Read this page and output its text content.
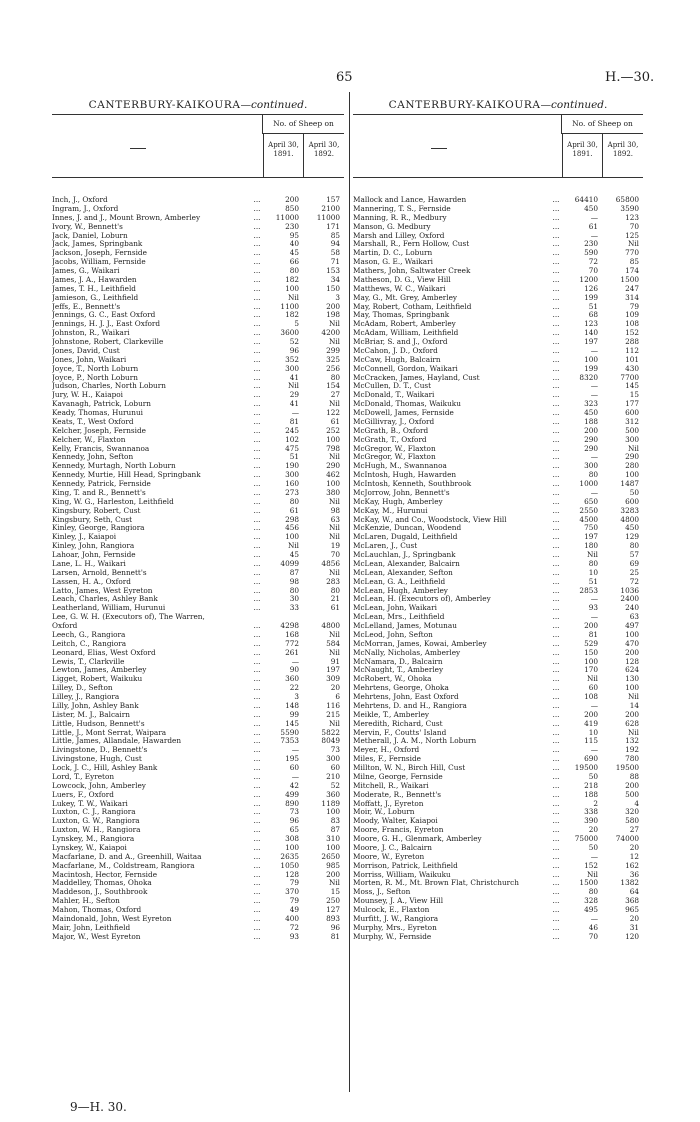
65	H.—30.
CANTERBURY-KAIKOURA—continued.
No. of Sheep on
April 30, 1891.
April 30, 1892.
Inch, J., Oxford	...	200	157
Ingram, J., Oxford	...	850	2100
Innes, J. and J., Mount Brown, Amberley	...	11000	11000
Ivory, W., Bennett's	...	230	171
Jack, Daniel, Loburn	...	95	85
Jack, James, Springbank	...	40	94
Jackson, Joseph, Fernside	...	45	58
Jacobs, William, Fernside	...	66	71
James, G., Waikari	...	80	153
James, J. A., Hawarden	...	182	34
James, T. H., Leithfield	...	100	150
Jamieson, G., Leithfield	...	Nil	3
Jeffs, E., Bennett's	...	1100	200
Jennings, G. C., East Oxford	...	182	198
Jennings, H. J. J., East Oxford	...	5	Nil
Johnston, R., Waikari	...	3600	4200
Johnstone, Robert, Clarkeville	...	52	Nil
Jones, David, Cust	...	96	299
Jones, John, Waikari	...	352	325
Joyce, T., North Loburn	...	300	256
Joyce, P., North Loburn	...	41	80
Judson, Charles, North Loburn	...	Nil	154
Jury, W. H., Kaiapoi	...	29	27
Kavanagh, Patrick, Loburn	...	41	Nil
Keady, Thomas, Hurunui	...	—	122
Keats, T., West Oxford	...	81	61
Kelcher, Joseph, Fernside	...	245	252
Kelcher, W., Flaxton	...	102	100
Kelly, Francis, Swannanoa	...	475	798
Kennedy, John, Sefton	...	51	Nil
Kennedy, Murtagh, North Loburn	...	190	290
Kennedy, Murtie, Hill Head, Springbank	...	300	462
Kennedy, Patrick, Fernside	...	160	100
King, T. and R., Bennett's	...	273	380
King, W. G., Harleston, Leithfield	...	80	Nil
Kingsbury, Robert, Cust	...	61	98
Kingsbury, Seth, Cust	...	298	63
Kinley, George, Rangiora	...	456	Nil
Kinley, J., Kaiapoi	...	100	Nil
Kinley, John, Rangiora	...	Nil	19
Lahoar, John, Fernside	...	45	70
Lane, L. H., Waikari	...	4099	4856
Larsen, Arnold, Bennett's	...	87	Nil
Lassen, H. A., Oxford	...	98	283
Latto, James, West Eyreton	...	80	80
Leach, Charles, Ashley Bank	...	30	21
Leatherland, William, Hurunui	...	33	61
Lee, G. W. H. (Executors of), The Warren,
Oxford	...	4298	4800
Leech, G., Rangiora	...	168	Nil
Leitch, C., Rangiora	...	772	584
Leonard, Elias, West Oxford	...	261	Nil
Lewis, T., Clarkville	...	—	91
Lewton, James, Amberley	...	90	197
Ligget, Robert, Waikuku	...	360	309
Lilley, D., Sefton	...	22	20
Lilley, J., Rangiora	...	3	6
Lilly, John, Ashley Bank	...	148	116
Lister, M. J., Balcairn	...	99	215
Little, Hudson, Bennett's	...	145	Nil
Little, J., Mont Serrat, Waipara	...	5590	5822
Little, James, Allandale, Hawarden	...	7353	8049
Livingstone, D., Bennett's	...	—	73
Livingstone, Hugh, Cust	...	195	300
Lock, J. C., Hill, Ashley Bank	...	60	60
Lord, T., Eyreton	...	—	210
Lowcock, John, Amberley	...	42	52
Luers, F., Oxford	...	499	360
Lukey, T. W., Waikari	...	890	1189
Luxton, C. J., Rangiora	...	73	100
Luxton, G. W., Rangiora	...	96	83
Luxton, W. H., Rangiora	...	65	87
Lynskey, M., Rangiora	...	308	310
Lynskey, W., Kaiapoi	...	100	100
Macfarlane, D. and A., Greenhill, Waitaa	...	2635	2650
Macfarlane, M., Coldstream, Rangiora	...	1050	985
Macintosh, Hector, Fernside	...	128	200
Maddelley, Thomas, Ohoka	...	79	Nil
Maddeson, J., Southbrook	...	370	15
Mahler, H., Sefton	...	79	250
Mahon, Thomas, Oxford	...	49	127
Maindonald, John, West Eyreton	...	400	893
Mair, John, Leithfield	...	72	96
Major, W., West Eyreton	...	93	81
CANTERBURY-KAIKOURA—continued.
No. of Sheep on
April 30, 1891.
April 30, 1892.
Mallock and Lance, Hawarden	...	64410	65800
Mannering, T. S., Fernside	...	450	3590
Manning, R. R., Medbury	...	—	123
Manson, G. Medbury	...	61	70
Marsh and Lilley, Oxford	...	—	125
Marshall, R., Fern Hollow, Cust	...	230	Nil
Martin, D. C., Loburn	...	590	770
Mason, G. E., Waikari	...	72	85
Mathers, John, Saltwater Creek	...	70	174
Matheson, D. G., View Hill	...	1200	1500
Matthews, W. C., Waikari	...	126	247
May, G., Mt. Grey, Amberley	...	199	314
May, Robert, Cotham, Leithfield	...	51	79
May, Thomas, Springbank	...	68	109
McAdam, Robert, Amberley	...	123	108
McAdam, William, Leithfield	...	140	152
McBriar, S. and J., Oxford	...	197	288
McCahon, J. D., Oxford	...	—	112
McCaw, Hugh, Balcairn	...	100	101
McConnell, Gordon, Waikari	...	199	430
McCracken, James, Hayland, Cust	...	8320	7700
McCullen, D. T., Cust	...	—	145
McDonald, T., Waikari	...	—	15
McDonald, Thomas, Waikuku	...	323	177
McDowell, James, Fernside	...	450	600
McGillivray, J., Oxford	...	188	312
McGrath, B., Oxford	...	200	500
McGrath, T., Oxford	...	290	300
McGregor, W., Flaxton	...	290	Nil
McGregor, W., Flaxton	...	—	290
McHugh, M., Swannanoa	...	300	280
McIntosh, Hugh, Hawarden	...	80	100
McIntosh, Kenneth, Southbrook	...	1000	1487
McJorrow, John, Bennett's	...	—	50
McKay, Hugh, Amberley	...	650	600
McKay, M., Hurunui	...	2550	3283
McKay, W., and Co., Woodstock, View Hill	...	4500	4800
McKenzie, Duncan, Woodend	...	750	450
McLaren, Dugald, Leithfield	...	197	129
McLaren, J., Cust	...	180	80
McLauchlan, J., Springbank	...	Nil	57
McLean, Alexander, Balcairn	...	80	69
McLean, Alexander, Sefton	...	10	25
McLean, G. A., Leithfield	...	51	72
McLean, Hugh, Amberley	...	2853	1036
McLean, H. (Executors of), Amberley	...	—	2400
McLean, John, Waikari	...	93	240
McLean, Mrs., Leithfield	...	—	63
McLelland, James, Motunau	...	200	497
McLeod, John, Sefton	...	81	100
McMorran, James, Kowai, Amberley	...	529	470
McNally, Nicholas, Amberley	...	150	200
McNamara, D., Balcairn	...	100	128
McNaught, T., Amberley	...	170	624
McRobert, W., Ohoka	...	Nil	130
Mehrtens, George, Ohoka	...	60	100
Mehrtens, John, East Oxford	...	108	Nil
Mehrtens, D. and H., Rangiora	...	—	14
Meikle, T., Amberley	...	200	200
Meredith, Richard, Cust	...	419	628
Mervin, F., Coutts' Island	...	10	Nil
Metherall, J. A. M., North Loburn	...	115	132
Meyer, H., Oxford	...	—	192
Miles, F., Fernside	...	690	780
Millton, W. N., Birch Hill, Cust	...	19500	19500
Milne, George, Fernside	...	50	88
Mitchell, R., Waikari	...	218	200
Moderate, R., Bennett's	...	188	500
Moffatt, J., Eyreton	...	2	4
Moir, W., Loburn	...	338	320
Moody, Walter, Kaiapoi	...	390	580
Moore, Francis, Eyreton	...	20	27
Moore, G. H., Glenmark, Amberley	...	75000	74000
Moore, J. C., Balcairn	...	50	20
Moore, W., Eyreton	...	—	12
Morrison, Patrick, Leithfield	...	152	162
Morriss, William, Waikuku	...	Nil	36
Morten, R. M., Mt. Brown Flat, Christchurch	...	1500	1382
Moss, J., Sefton	...	80	64
Mounsey, J. A., View Hill	...	328	368
Mulcock, E., Flaxton	...	495	965
Murfitt, J. W., Rangiora	...	—	20
Murphy, Mrs., Eyreton	...	46	31
Murphy, W., Fernside	...	70	120
9—H. 30.
